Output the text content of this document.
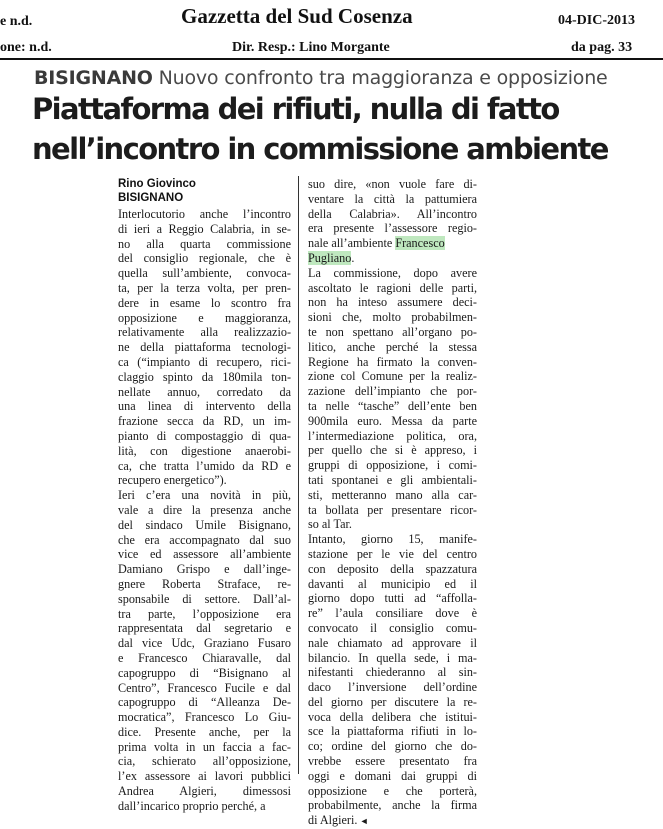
e n.d.	Gazzetta del Sud Cosenza	04-DIC-2013
one: n.d.	Dir. Resp.: Lino Morgante	da pag. 33
BISIGNANO Nuovo confronto tra maggioranza e opposizione
Piattaforma dei rifiuti, nulla di fatto
nell’incontro in commissione ambiente
Rino Giovinco
BISIGNANO
Interlocutorio anche l’incontro
di ieri a Reggio Calabria, in se-
no alla quarta commissione
del consiglio regionale, che è
quella sull’ambiente, convoca-
ta, per la terza volta, per pren-
dere in esame lo scontro fra
opposizione e maggioranza,
relativamente alla realizzazio-
ne della piattaforma tecnologi-
ca (“impianto di recupero, rici-
claggio spinto da 180mila ton-
nellate annuo, corredato da
una linea di intervento della
frazione secca da RD, un im-
pianto di compostaggio di qua-
lità, con digestione anaerobi-
ca, che tratta l’umido da RD e
recupero energetico”).
Ieri c’era una novità in più,
vale a dire la presenza anche
del sindaco Umile Bisignano,
che era accompagnato dal suo
vice ed assessore all’ambiente
Damiano Grispo e dall’inge-
gnere Roberta Straface, re-
sponsabile di settore. Dall’al-
tra parte, l’opposizione era
rappresentata dal segretario e
dal vice Udc, Graziano Fusaro
e Francesco Chiaravalle, dal
capogruppo di “Bisignano al
Centro”, Francesco Fucile e dal
capogruppo di “Alleanza De-
mocratica”, Francesco Lo Giu-
dice. Presente anche, per la
prima volta in un faccia a fac-
cia, schierato all’opposizione,
l’ex assessore ai lavori pubblici
Andrea Algieri, dimessosi
dall’incarico proprio perché, a
suo dire, «non vuole fare di-
ventare la città la pattumiera
della Calabria». All’incontro
era presente l’assessore regio-
nale all’ambiente Francesco
Pugliano.
La commissione, dopo avere
ascoltato le ragioni delle parti,
non ha inteso assumere deci-
sioni che, molto probabilmen-
te non spettano all’organo po-
litico, anche perché la stessa
Regione ha firmato la conven-
zione col Comune per la realiz-
zazione dell’impianto che por-
ta nelle “tasche” dell’ente ben
900mila euro. Messa da parte
l’intermediazione politica, ora,
per quello che si è appreso, i
gruppi di opposizione, i comi-
tati spontanei e gli ambientali-
sti, metteranno mano alla car-
ta bollata per presentare ricor-
so al Tar.
Intanto, giorno 15, manife-
stazione per le vie del centro
con deposito della spazzatura
davanti al municipio ed il
giorno dopo tutti ad “affolla-
re” l’aula consiliare dove è
convocato il consiglio comu-
nale chiamato ad approvare il
bilancio. In quella sede, i ma-
nifestanti chiederanno al sin-
daco l’inversione dell’ordine
del giorno per discutere la re-
voca della delibera che istitui-
sce la piattaforma rifiuti in lo-
co; ordine del giorno che do-
vrebbe essere presentato fra
oggi e domani dai gruppi di
opposizione e che porterà,
probabilmente, anche la firma
di Algieri. ◄
